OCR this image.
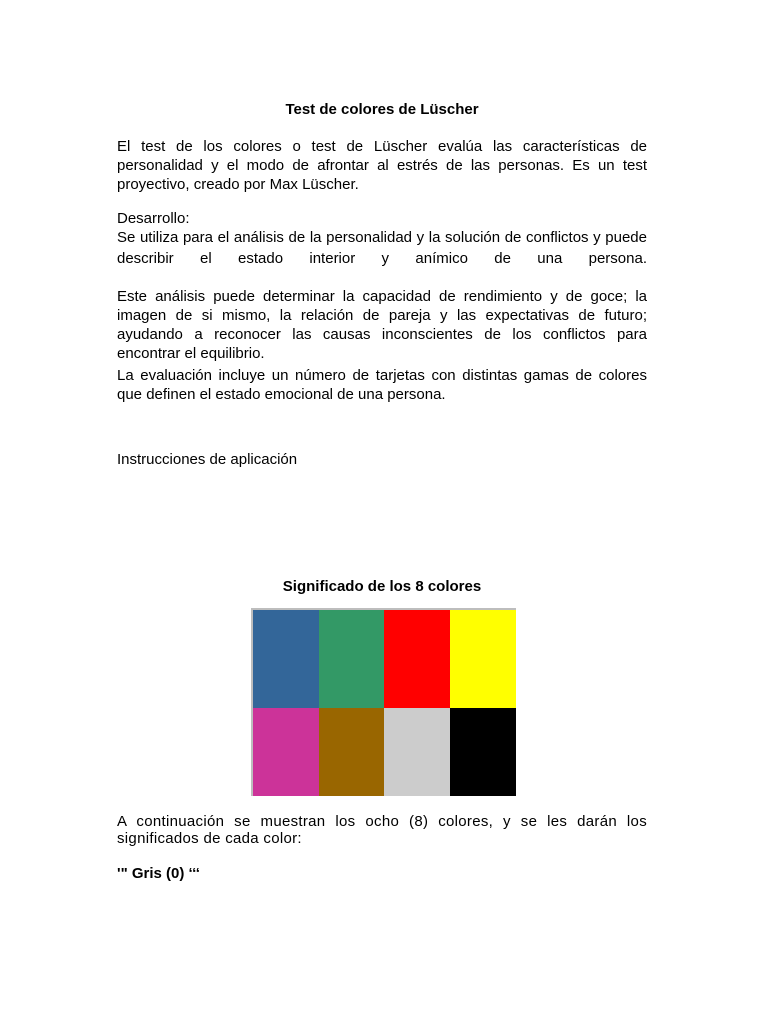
Test de colores de Lüscher
El test de los colores o test de Lüscher evalúa las características de personalidad y el modo de afrontar al estrés de las personas. Es un test proyectivo, creado por Max Lüscher.
Desarrollo:
Se utiliza para el análisis de la personalidad y la solución de conflictos y puede
describir el estado interior y anímico de una persona.
Este análisis puede determinar la capacidad de rendimiento y de goce; la imagen de si mismo, la relación de pareja y las expectativas de futuro; ayudando a reconocer las causas inconscientes de los conflictos para encontrar el equilibrio.
La evaluación incluye un número de tarjetas con distintas gamas de colores que definen el estado emocional de una persona.
Instrucciones de aplicación
Significado de los 8 colores
A continuación se muestran los ocho (8) colores, y se les darán los significados de cada color:
'" Gris (0) ‘‘‘
